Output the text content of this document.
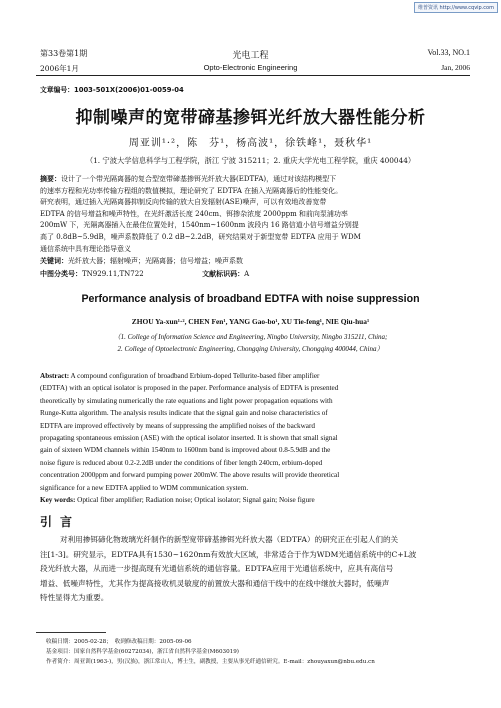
维普资讯 http://www.cqvip.com
第33卷第1期	光电工程	Vol.33, NO.1
2006年1月	Opto-Electronic Engineering	Jan, 2006
文章编号：1003-501X(2006)01-0059-04
抑制噪声的宽带碲基掺铒光纤放大器性能分析
周亚训¹·²，陈　芬¹，杨高波¹，徐铁峰¹，聂秋华¹
（1. 宁波大学信息科学与工程学院，浙江 宁波 315211；2. 重庆大学光电工程学院，重庆 400044）
摘要：设计了一个带光隔离器的复合型宽带碲基掺铒光纤放大器(EDTFA)，通过对该结构模型下
的速率方程和光功率传输方程组的数值模拟，理论研究了 EDTFA 在插入光隔离器后的性能变化。
研究表明，通过插入光隔离器抑制反向传输的放大自发辐射(ASE)噪声，可以有效地改善宽带
EDTFA 的信号增益和噪声特性，在光纤激活长度 240cm、铒掺杂浓度 2000ppm 和前向泵浦功率
200mW 下，光隔离器插入在最佳位置处时，1540nm~1600nm 波段内 16 路信道小信号增益分别提
高了 0.8dB~5.9dB，噪声系数降低了 0.2 dB~2.2dB，研究结果对于新型宽带 EDTFA 应用于 WDM
通信系统中具有理论指导意义
关键词：光纤放大器；辐射噪声；光隔离器；信号增益；噪声系数
中图分类号：TN929.11,TN722	文献标识码：A
Performance analysis of broadband EDTFA with noise suppression
ZHOU Ya-xun¹·², CHEN Fen¹, YANG Gao-bo¹, XU Tie-feng¹, NIE Qiu-hua¹
（1. College of Information Science and Engineering, Ningbo University, Ningbo 315211, China;
2. College of Optoelectronic Engineering, Chongqing University, Chongqing 400044, China）
Abstract: A compound configuration of broadband Erbium-doped Tellurite-based fiber amplifier
(EDTFA) with an optical isolator is proposed in the paper. Performance analysis of EDTFA is presented
theoretically by simulating numerically the rate equations and light power propagation equations with
Runge-Kutta algorithm. The analysis results indicate that the signal gain and noise characteristics of
EDTFA are improved effectively by means of suppressing the amplified noises of the backward
propagating spontaneous emission (ASE) with the optical isolator inserted. It is shown that small signal
gain of sixteen WDM channels within 1540nm to 1600nm band is improved about 0.8-5.9dB and the
noise figure is reduced about 0.2-2.2dB under the conditions of fiber length 240cm, erbium-doped
concentration 2000ppm and forward pumping power 200mW. The above results will provide theoretical
significance for a new EDTFA applied to WDM communication system.
Key words: Optical fiber amplifier; Radiation noise; Optical isolator; Signal gain; Noise figure
引言
对利用掺铒碲化物玻璃光纤制作的新型宽带碲基掺铒光纤放大器（EDTFA）的研究正在引起人们的关
注[1-3]。研究显示，EDTFA具有1530~1620nm有效放大区域，非常适合于作为WDM光通信系统中的C+L波
段光纤放大器，从而进一步提高现有光通信系统的通信容量。EDTFA应用于光通信系统中，应具有高信号
增益、低噪声特性，尤其作为提高接收机灵敏度的前置放大器和通信干线中的在线中继放大器时，低噪声
特性显得尤为重要。
收稿日期：2005-02-28；　收到修改稿日期：2005-09-06
基金项目：国家自然科学基金(60272034)，浙江省自然科学基金(M603019)
作者简介：周亚训(1963-)，男(汉族)，浙江常山人，博士生，副教授，主要从事光纤通信研究。E-mail：zhouyaxun@nbu.edu.cn
